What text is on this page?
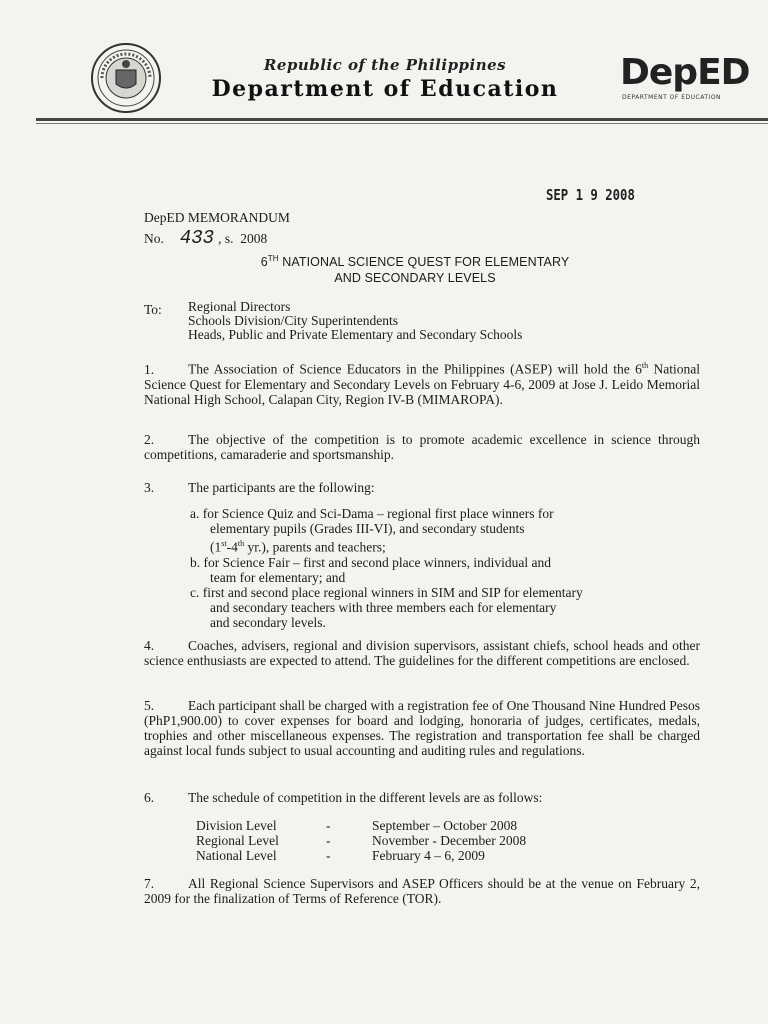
Republic of the Philippines
Department of Education	DepED
DEPARTMENT OF EDUCATION
SEP 1 9 2008
DepED MEMORANDUM
No. 433 , s. 2008
6TH NATIONAL SCIENCE QUEST FOR ELEMENTARY
AND SECONDARY LEVELS
To: Regional Directors
Schools Division/City Superintendents
Heads, Public and Private Elementary and Secondary Schools
1.	The Association of Science Educators in the Philippines (ASEP) will hold the 6th National Science Quest for Elementary and Secondary Levels on February 4-6, 2009 at Jose J. Leido Memorial National High School, Calapan City, Region IV-B (MIMAROPA).
2.	The objective of the competition is to promote academic excellence in science through competitions, camaraderie and sportsmanship.
3.	The participants are the following:
a. for Science Quiz and Sci-Dama – regional first place winners for
elementary pupils (Grades III-VI), and secondary students
(1st-4th yr.), parents and teachers;
b. for Science Fair – first and second place winners, individual and
team for elementary; and
c. first and second place regional winners in SIM and SIP for elementary
and secondary teachers with three members each for elementary
and secondary levels.
4.	Coaches, advisers, regional and division supervisors, assistant chiefs, school heads and other science enthusiasts are expected to attend. The guidelines for the different competitions are enclosed.
5.	Each participant shall be charged with a registration fee of One Thousand Nine Hundred Pesos (PhP1,900.00) to cover expenses for board and lodging, honoraria of judges, certificates, medals, trophies and other miscellaneous expenses. The registration and transportation fee shall be charged against local funds subject to usual accounting and auditing rules and regulations.
6.	The schedule of competition in the different levels are as follows:
Division Level	-	September – October 2008
Regional Level	-	November - December 2008
National Level	-	February 4 – 6, 2009
7.	All Regional Science Supervisors and ASEP Officers should be at the venue on February 2, 2009 for the finalization of Terms of Reference (TOR).
